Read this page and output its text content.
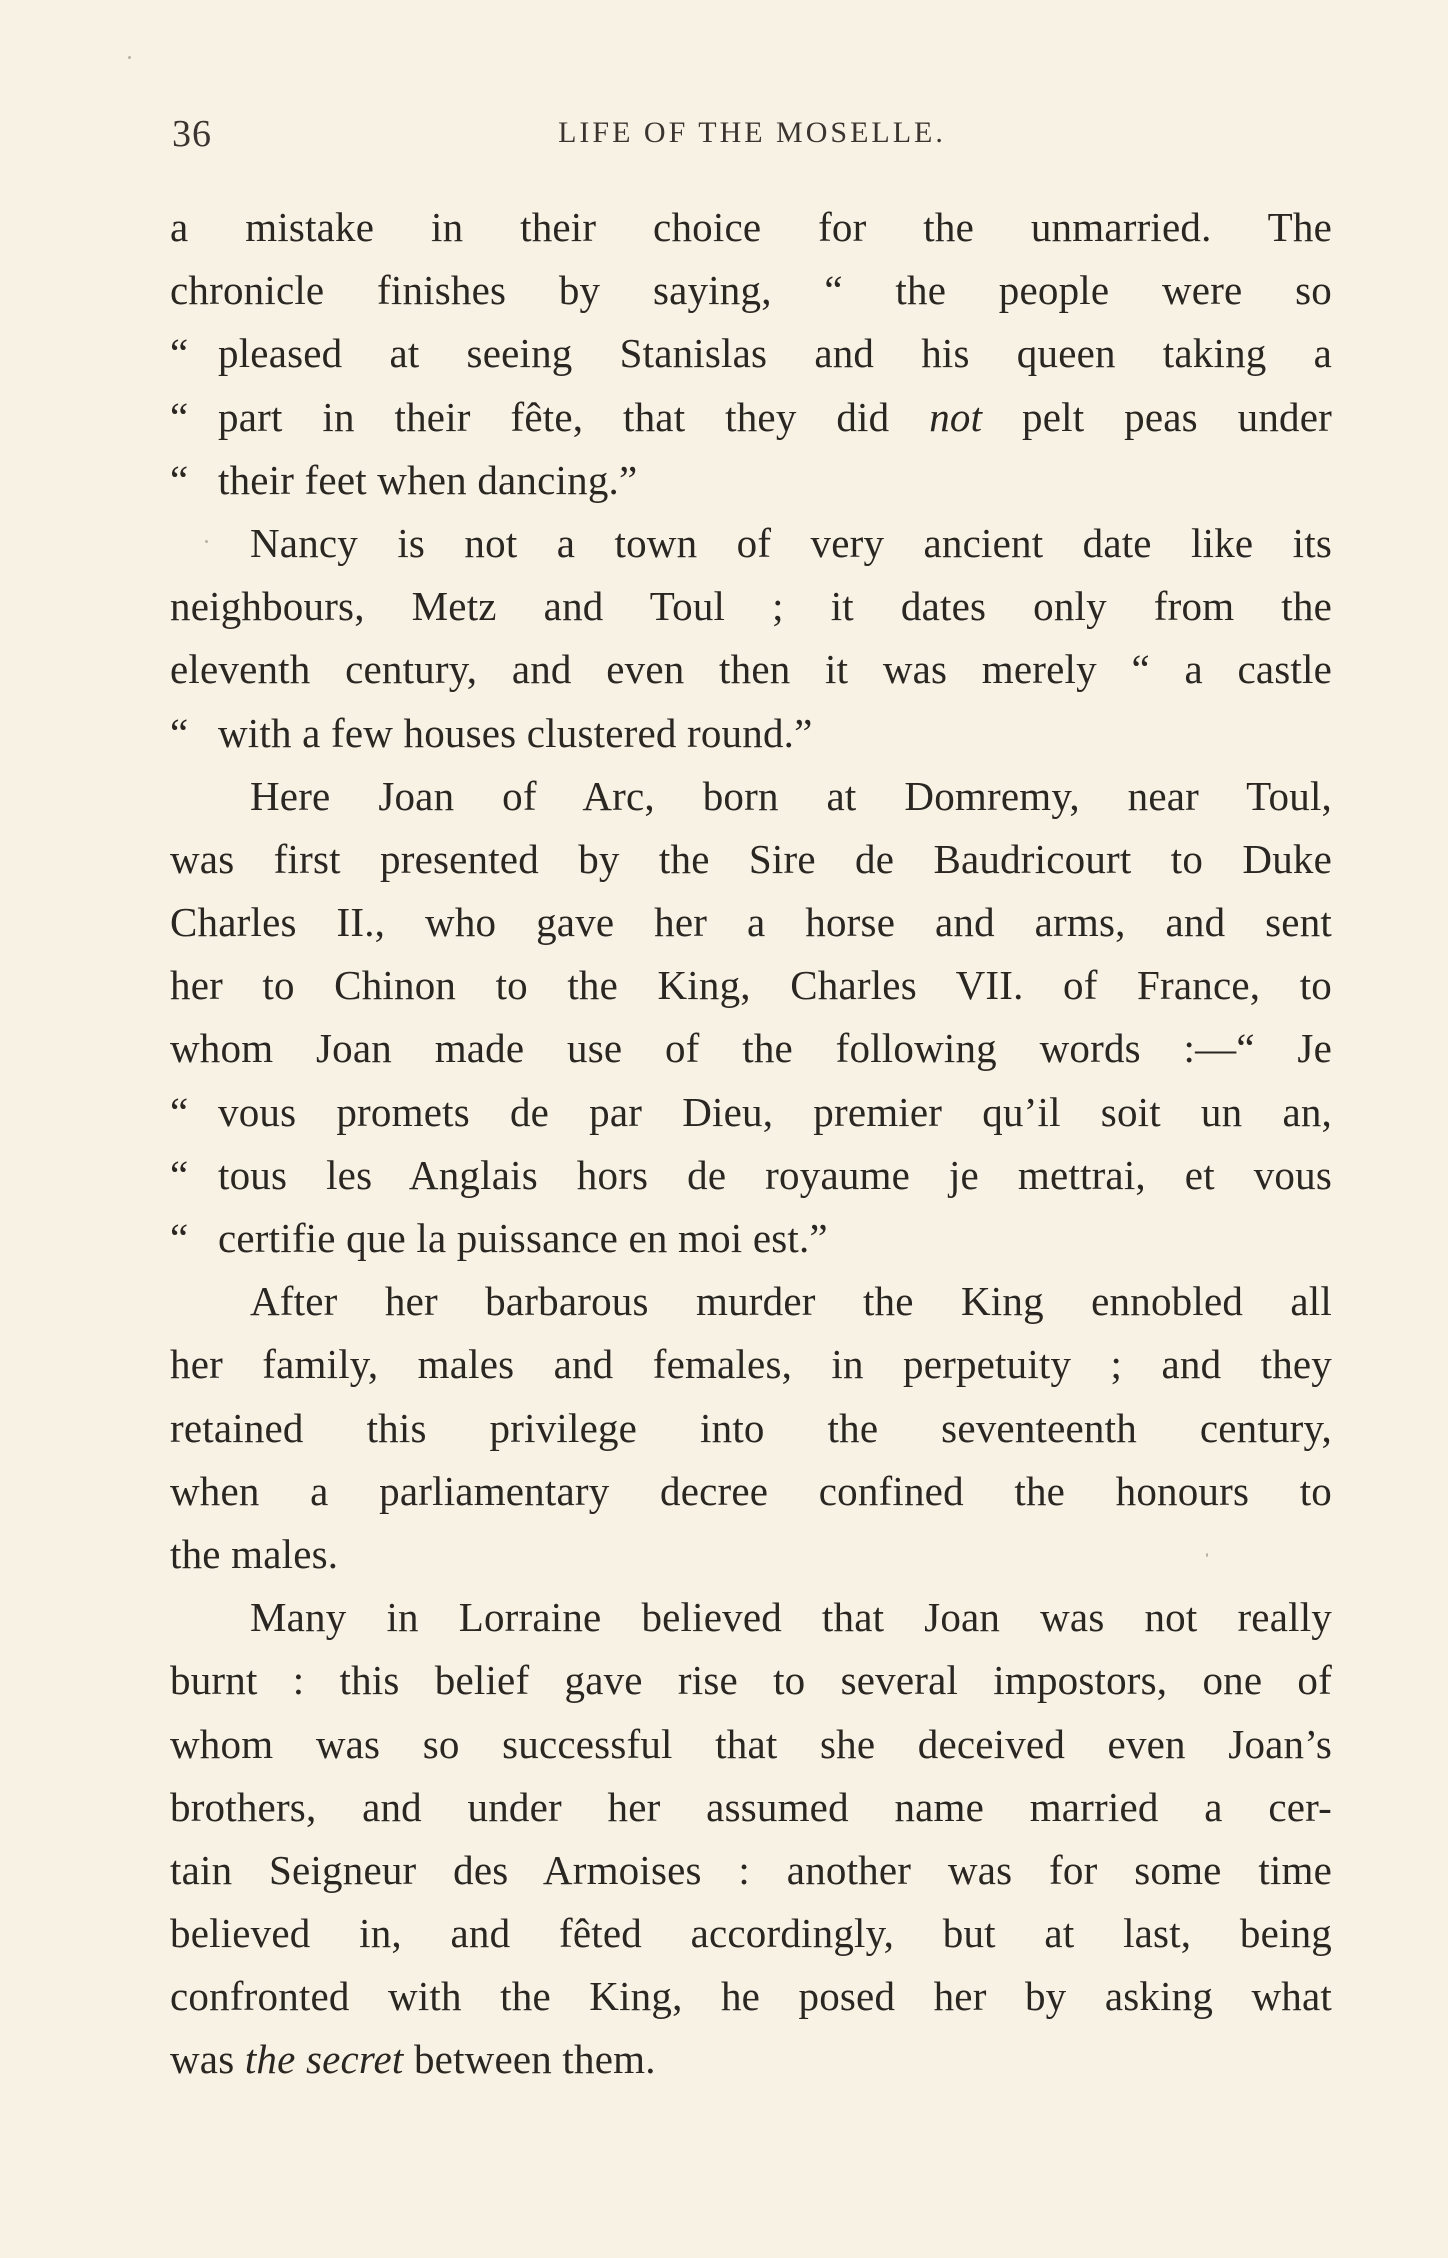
36	LIFE OF THE MOSELLE.
a mistake in their choice for the unmarried. The
chronicle finishes by saying, “ the people were so
“ pleased at seeing Stanislas and his queen taking a
“ part in their fête, that they did not pelt peas under
“ their feet when dancing.”
Nancy is not a town of very ancient date like its
neighbours, Metz and Toul ; it dates only from the
eleventh century, and even then it was merely “ a castle
“ with a few houses clustered round.”
Here Joan of Arc, born at Domremy, near Toul,
was first presented by the Sire de Baudricourt to Duke
Charles II., who gave her a horse and arms, and sent
her to Chinon to the King, Charles VII. of France, to
whom Joan made use of the following words :—“ Je
“ vous promets de par Dieu, premier qu’il soit un an,
“ tous les Anglais hors de royaume je mettrai, et vous
“ certifie que la puissance en moi est.”
After her barbarous murder the King ennobled all
her family, males and females, in perpetuity ; and they
retained this privilege into the seventeenth century,
when a parliamentary decree confined the honours to
the males.
Many in Lorraine believed that Joan was not really
burnt : this belief gave rise to several impostors, one of
whom was so successful that she deceived even Joan’s
brothers, and under her assumed name married a cer-
tain Seigneur des Armoises : another was for some time
believed in, and fêted accordingly, but at last, being
confronted with the King, he posed her by asking what
was the secret between them.
